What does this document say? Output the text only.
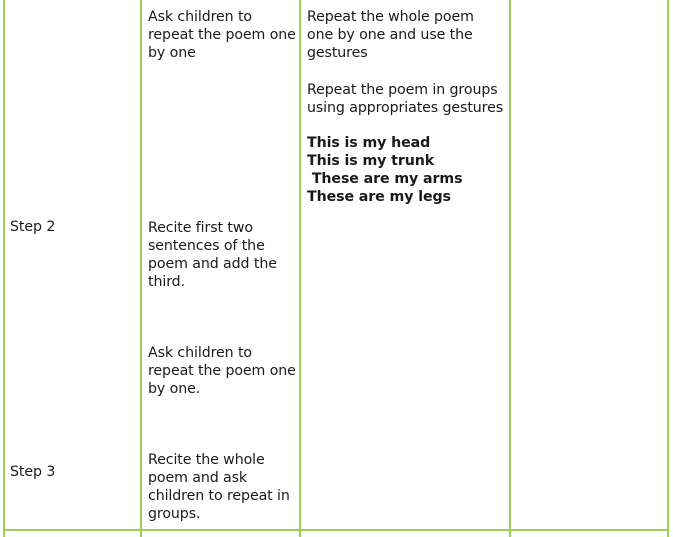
Step 2
Step 3
Ask children to
repeat the poem one
by one
Recite first two
sentences of the
poem and add the
third.
Ask children to
repeat the poem one
by one.
Recite the whole
poem and ask
children to repeat in
groups.
Repeat the whole poem
one by one and use the
gestures
Repeat the poem in groups
using appropriates gestures
This is my head
This is my trunk
These are my arms
These are my legs
